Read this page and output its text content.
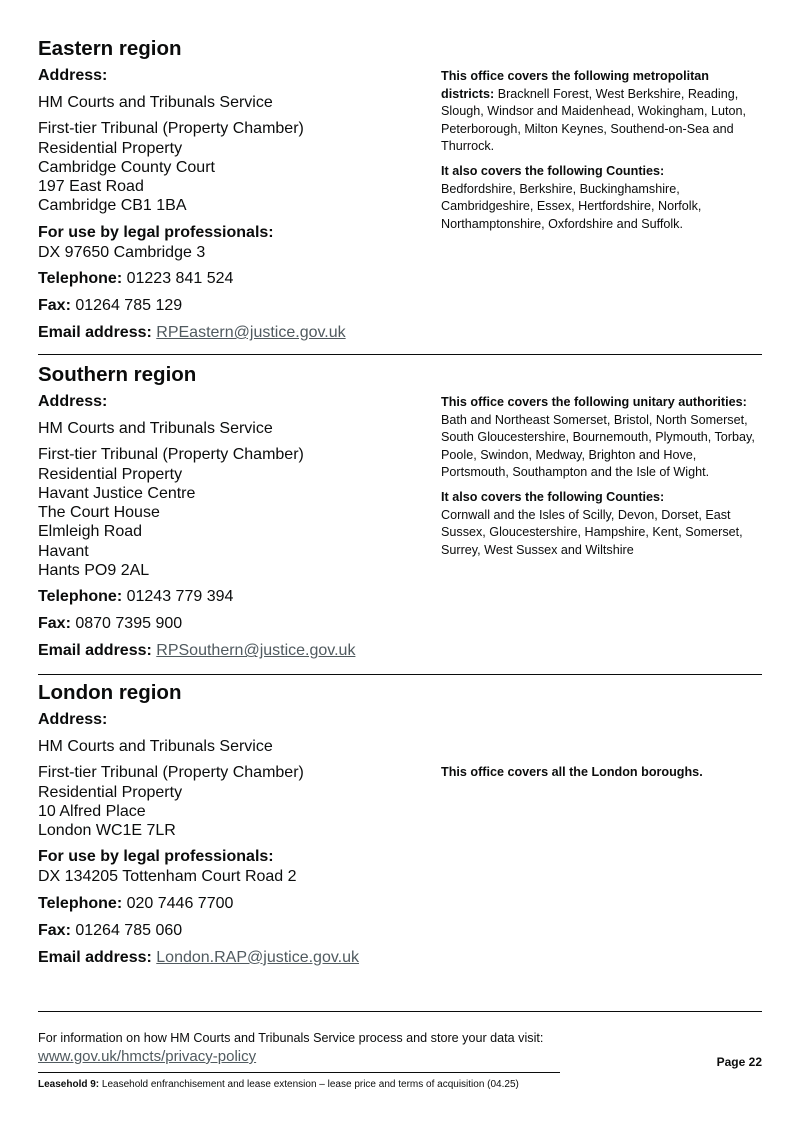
Eastern region
Address:
HM Courts and Tribunals Service
First-tier Tribunal (Property Chamber)
Residential Property
Cambridge County Court
197 East Road
Cambridge CB1 1BA
For use by legal professionals:
DX 97650 Cambridge 3
Telephone: 01223 841 524
Fax: 01264 785 129
Email address: RPEastern@justice.gov.uk
This office covers the following metropolitan districts: Bracknell Forest, West Berkshire, Reading, Slough, Windsor and Maidenhead, Wokingham, Luton, Peterborough, Milton Keynes, Southend-on-Sea and Thurrock.
It also covers the following Counties:
Bedfordshire, Berkshire, Buckinghamshire, Cambridgeshire, Essex, Hertfordshire, Norfolk, Northamptonshire, Oxfordshire and Suffolk.
Southern region
Address:
HM Courts and Tribunals Service
First-tier Tribunal (Property Chamber)
Residential Property
Havant Justice Centre
The Court House
Elmleigh Road
Havant
Hants PO9 2AL
Telephone: 01243 779 394
Fax: 0870 7395 900
Email address: RPSouthern@justice.gov.uk
This office covers the following unitary authorities: Bath and Northeast Somerset, Bristol, North Somerset, South Gloucestershire, Bournemouth, Plymouth, Torbay, Poole, Swindon, Medway, Brighton and Hove, Portsmouth, Southampton and the Isle of Wight.
It also covers the following Counties:
Cornwall and the Isles of Scilly, Devon, Dorset, East Sussex, Gloucestershire, Hampshire, Kent, Somerset, Surrey, West Sussex and Wiltshire
London region
Address:
HM Courts and Tribunals Service
First-tier Tribunal (Property Chamber)
Residential Property
10 Alfred Place
London WC1E 7LR
For use by legal professionals:
DX 134205 Tottenham Court Road 2
Telephone: 020 7446 7700
Fax: 01264 785 060
Email address: London.RAP@justice.gov.uk
This office covers all the London boroughs.
For information on how HM Courts and Tribunals Service process and store your data visit:
www.gov.uk/hmcts/privacy-policy	Page 22
Leasehold 9: Leasehold enfranchisement and lease extension – lease price and terms of acquisition (04.25)
